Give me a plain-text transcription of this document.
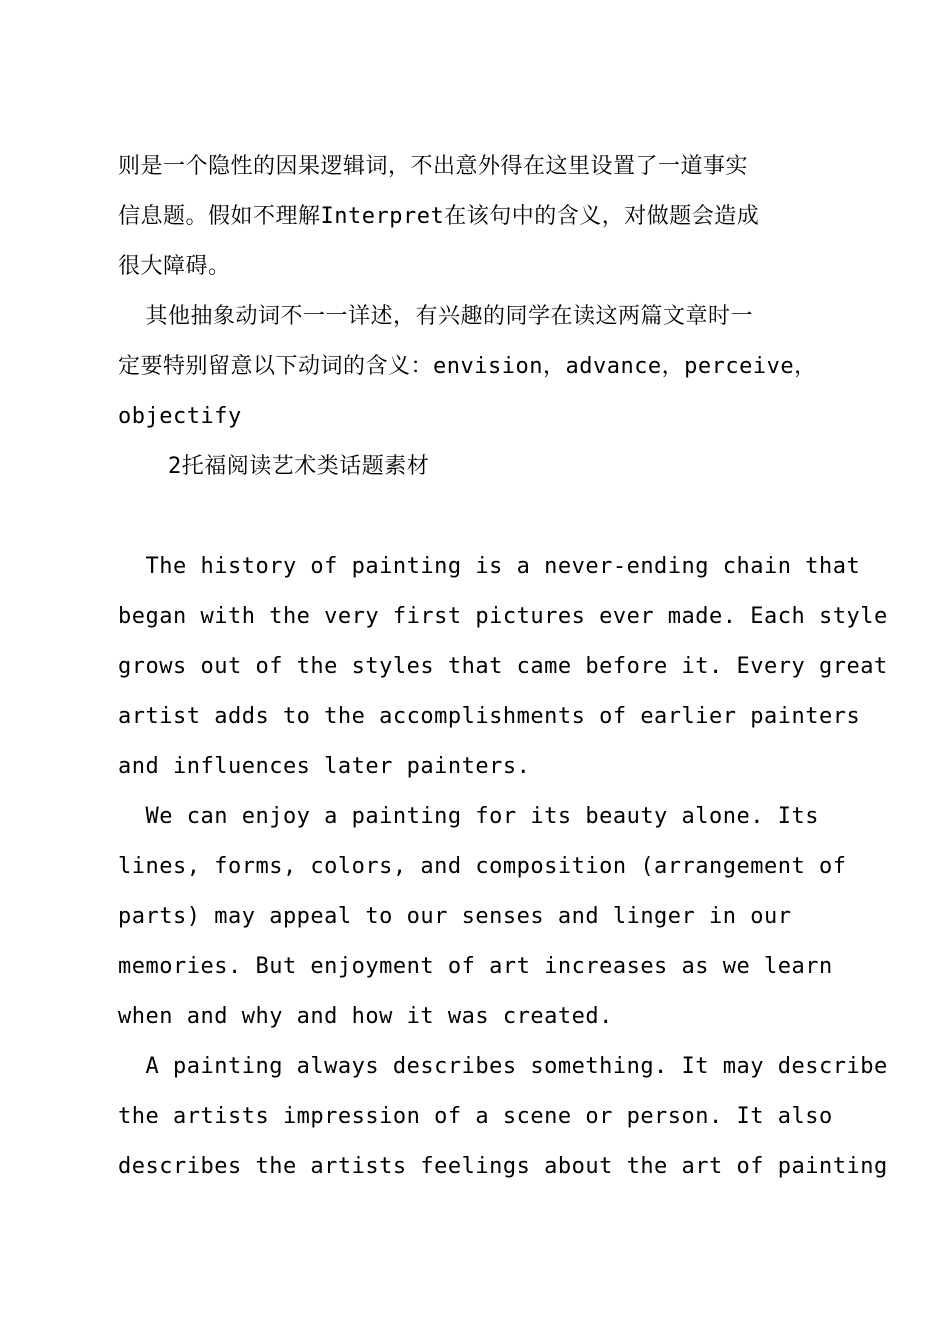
则是一个隐性的因果逻辑词，不出意外得在这里设置了一道事实

信息题。假如不理解Interpret在该句中的含义，对做题会造成

很大障碍。

其他抽象动词不一一详述，有兴趣的同学在读这两篇文章时一

定要特别留意以下动词的含义：envision，advance，perceive，

objectify

2托福阅读艺术类话题素材

The history of painting is a never-ending chain that

began with the very first pictures ever made. Each style

grows out of the styles that came before it. Every great

artist adds to the accomplishments of earlier painters

and influences later painters.

We can enjoy a painting for its beauty alone. Its

lines, forms, colors, and composition (arrangement of

parts) may appeal to our senses and linger in our

memories. But enjoyment of art increases as we learn

when and why and how it was created.

A painting always describes something. It may describe

the artists impression of a scene or person. It also

describes the artists feelings about the art of painting
